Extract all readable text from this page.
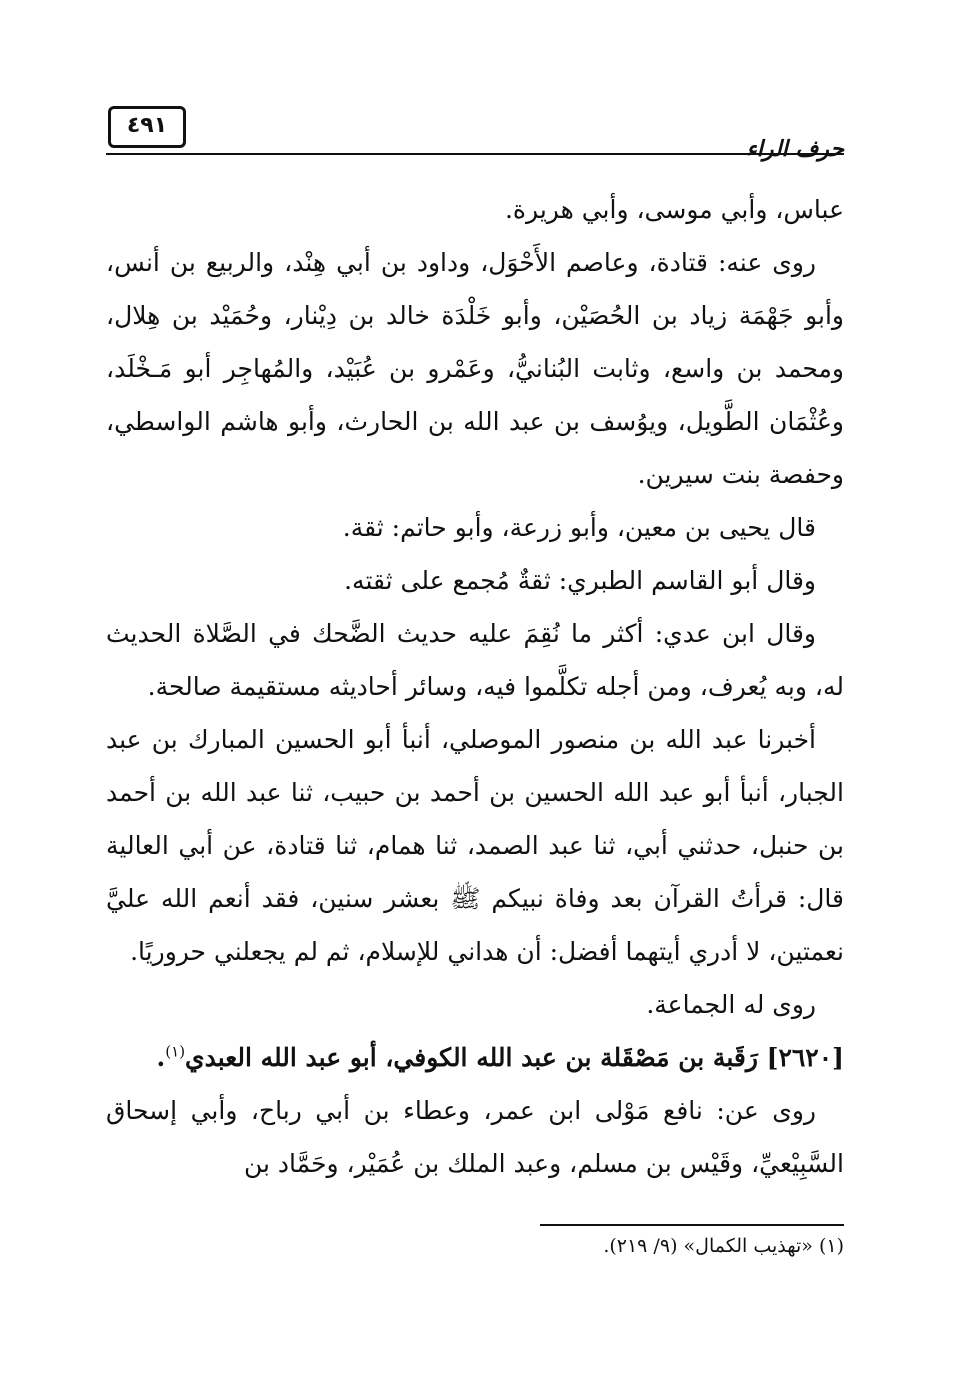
حرف الراء
٤٩١

عباس، وأبي موسى، وأبي هريرة.

روى عنه: قتادة، وعاصم الأَحْوَل، وداود بن أبي هِنْد، والربيع بن أنس، وأبو جَهْمَة زياد بن الحُصَيْن، وأبو خَلْدَة خالد بن دِيْنار، وحُمَيْد بن هِلال، ومحمد بن واسع، وثابت البُنانيُّ، وعَمْرو بن عُبَيْد، والمُهاجِر أبو مَـخْلَد، وعُثْمَان الطَّويل، ويوُسف بن عبد الله بن الحارث، وأبو هاشم الواسطي، وحفصة بنت سيرين.

قال يحيى بن معين، وأبو زرعة، وأبو حاتم: ثقة.

وقال أبو القاسم الطبري: ثقةٌ مُجمع على ثقته.

وقال ابن عدي: أكثر ما نُقِمَ عليه حديث الضَّحك في الصَّلاة الحديث له، وبه يُعرف، ومن أجله تكلَّموا فيه، وسائر أحاديثه مستقيمة صالحة.

أخبرنا عبد الله بن منصور الموصلي، أنبأ أبو الحسين المبارك بن عبد الجبار، أنبأ أبو عبد الله الحسين بن أحمد بن حبيب، ثنا عبد الله بن أحمد بن حنبل، حدثني أبي، ثنا عبد الصمد، ثنا همام، ثنا قتادة، عن أبي العالية قال: قرأتُ القرآن بعد وفاة نبيكم ﷺ بعشر سنين، فقد أنعم الله عليَّ نعمتين، لا أدري أيتهما أفضل: أن هداني للإسلام، ثم لم يجعلني حروريًا.

روى له الجماعة.

[٢٦٢٠] رَقَبة بن مَصْقَلة بن عبد الله الكوفي، أبو عبد الله العبدي$^{(١)}$.

روى عن: نافع مَوْلى ابن عمر، وعطاء بن أبي رباح، وأبي إسحاق السَّبِيْعيِّ، وقَيْس بن مسلم، وعبد الملك بن عُمَيْر، وحَمَّاد بن

(١) «تهذيب الكمال» (٩/ ٢١٩).
